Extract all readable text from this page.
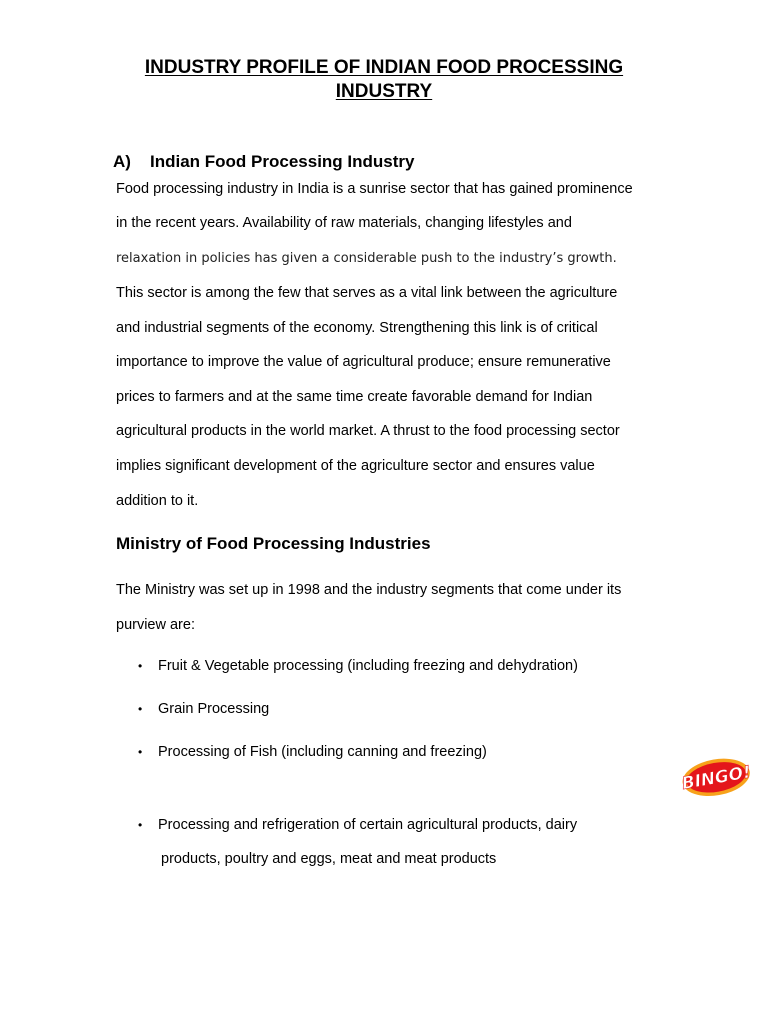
INDUSTRY PROFILE OF INDIAN FOOD PROCESSING
INDUSTRY
A) Indian Food Processing Industry
Food processing industry in India is a sunrise sector that has gained prominence
in the recent years. Availability of raw materials, changing lifestyles and
relaxation in policies has given a considerable push to the industry’s growth.
This sector is among the few that serves as a vital link between the agriculture
and industrial segments of the economy. Strengthening this link is of critical
importance to improve the value of agricultural produce; ensure remunerative
prices to farmers and at the same time create favorable demand for Indian
agricultural products in the world market. A thrust to the food processing sector
implies significant development of the agriculture sector and ensures value
addition to it.
Ministry of Food Processing Industries
The Ministry was set up in 1998 and the industry segments that come under its
purview are:
• Fruit & Vegetable processing (including freezing and dehydration)
• Grain Processing
• Processing of Fish (including canning and freezing)
• Processing and refrigeration of certain agricultural products, dairy
products, poultry and eggs, meat and meat products
BINGO!
